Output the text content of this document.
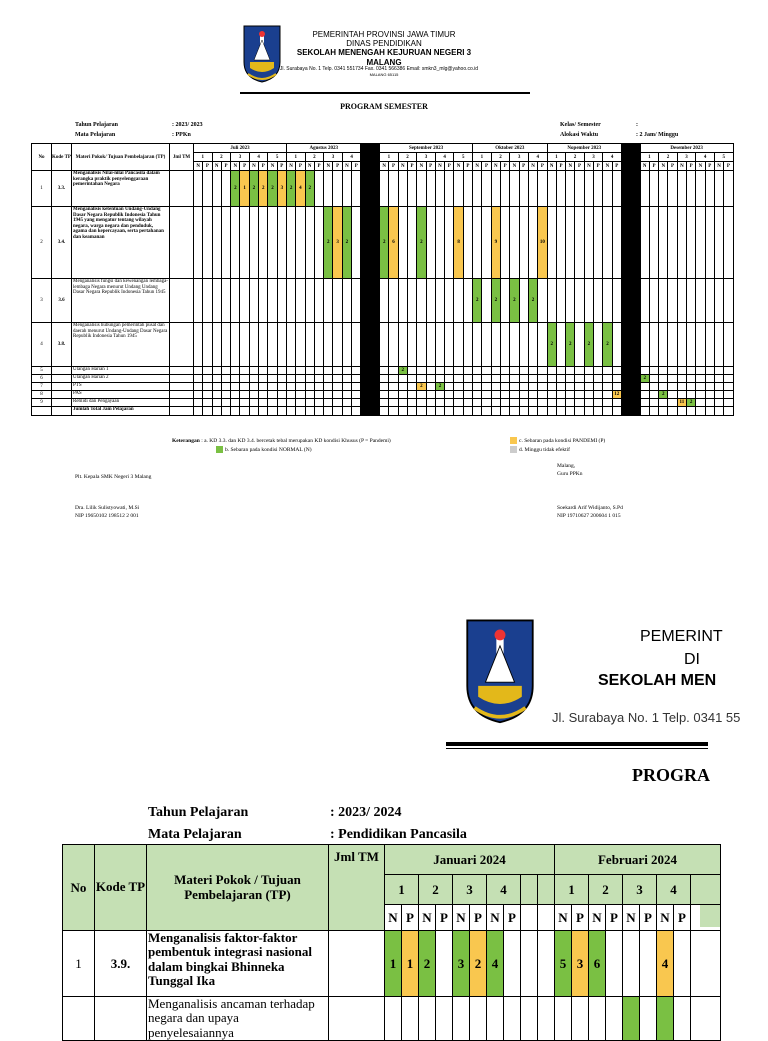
PEMERINTAH PROVINSI JAWA TIMUR
DINAS PENDIDIKAN
SEKOLAH MENENGAH KEJURUAN NEGERI 3
MALANG
Jl. Surabaya No. 1 Telp. 0341 551734 Fax. 0341 566386 Email: smkn3_mlg@yahoo.co.id
MALANG 65115
PROGRAM SEMESTER
Tahun Pelajaran
Mata Pelajaran
: 2023/ 2023
: PPKn
Kelas/ Semester
Alokasi Waktu
:
: 2 Jam/ Minggu
No	Kode TP	Materi Pokok/ Tujuan Pembelajaran (TP)	Jml TM	Juli 2023										Agustus 2023									September 2023										Oktober 2023								Nopember 2023									Desember 2023									
				1		2		3		4		5		1		2		3		4			1		2		3		4		5		1		2		3		4		1		2		3		4			1		2		3		4		5	
				N	P	N	P	N	P	N	P	N	P	N	P	N	P	N	P	N	P		N	P	N	P	N	P	N	P	N	P	N	P	N	P	N	P	N	P	N	P	N	P	N	P	N	P		N	P	N	P	N	P	N	P	N	P
1	3.3.	Menganalisis Nilai-nilai Pancasila dalam kerangka praktik penyelenggaraan pemerintahan Negara						2	1	2	2	2	3	2	4	2																																											
2	3.4.	Menganalisis ketentuan Undang-Undang Dasar Negara Republik Indonesia Tahun 1945 yang mengatur tentang wilayah negara, warga negara dan penduduk, agama dan kepercayaan, serta pertahanan dan keamanan																2	3	2			2	6			2				8				9					10																			
3	3.6	Menganalisis fungsi dan kewenangan lembaga-lembaga Negara menurut Undang Undang Dasar Negara Republik Indonesia Tahun 1945																															2		2		2		2																				
4	3.8.	Menganalisis hubungan pemerintah pusat dan daerah menurut Undang-Undang Dasar Negara Republik Indonesia Tahun 1945																																							2		2		2		2												
5		Ulangan Harian 1																							2																																		
6		Ulangan Harian 2																																																2									
7		PTS																									2		2																														
8		PAS																																														12				2							
9		Remidi dan Pengayaan																																																				11	2				
		Jumlah Total Jam Pelajaran																																																									
Keterangan : a. KD 3.3. dan KD 3.4. bercetak tebal merupakan KD kondisi Khusus (P = Pandemi)
b. Sebaran pada kondisi NORMAL (N)
c. Sebaran pada kondisi PANDEMI (P)
d. Minggu tidak efektif
Plt. Kepala SMK Negeri 3 Malang
Dra. Lilik Sulistyowati, M.Si
NIP 19650102 198512 2 001
Malang,
Guru PPKn
Soekardi Arif Widijanto, S.Pd
NIP 19710627 200604 1 015
PEMERINT
DI
SEKOLAH MEN
Jl. Surabaya No. 1 Telp. 0341 55
PROGRA
Tahun Pelajaran
Mata Pelajaran
: 2023/ 2024
: Pendidikan Pancasila
No	Kode TP	Materi Pokok / Tujuan Pembelajaran (TP)	Jml TM	Januari 2024										Februari 2024								
				1		2		3		4				1		2		3		4		
				N	P	N	P	N	P	N	P			N	P	N	P	N	P	N	P	
1	3.9.	Menganalisis faktor-faktor pembentuk integrasi nasional dalam bingkai Bhinneka Tunggal Ika		1	1	2		3	2	4				5	3	6				4		
		Menganalisis ancaman terhadap negara dan upaya penyelesaiannya																				
